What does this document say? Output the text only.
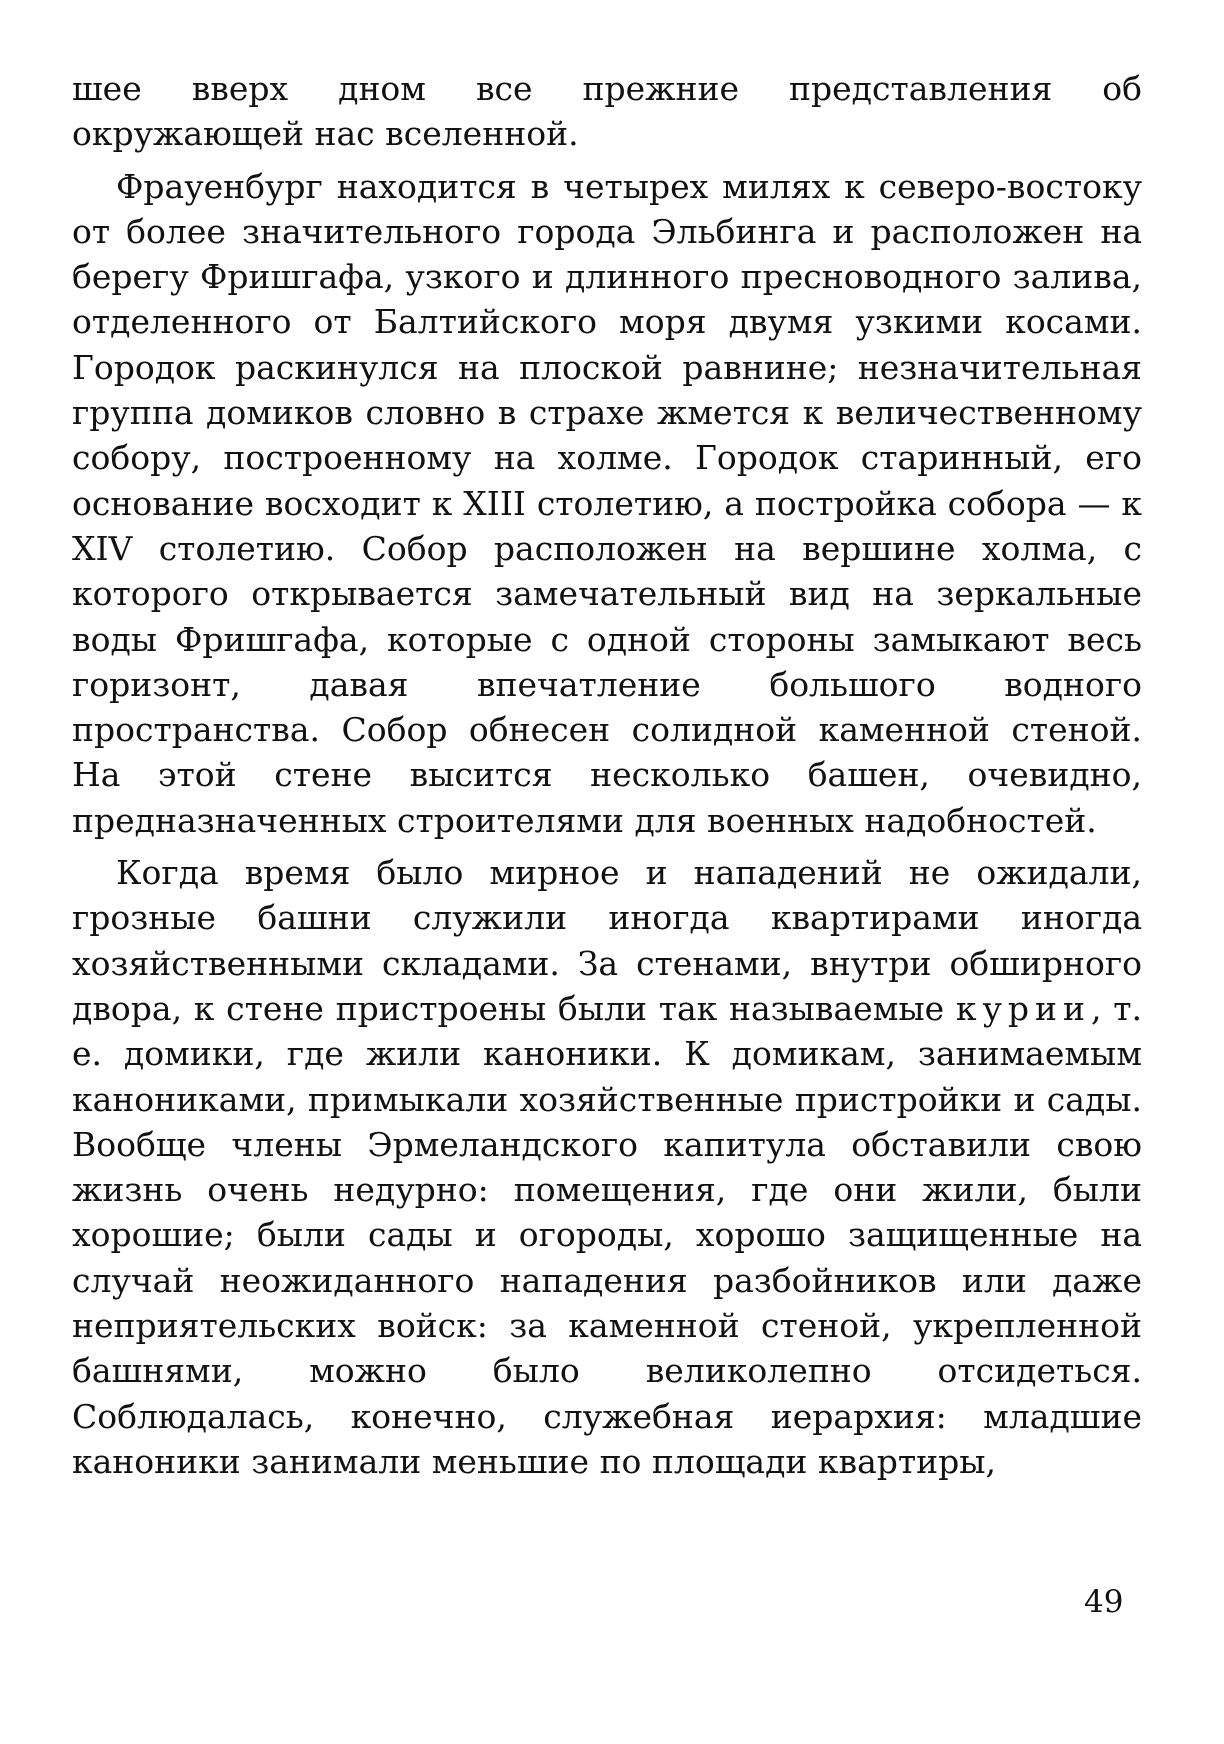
шее вверх дном все прежние представления об окружающей нас вселенной.

Фрауенбург находится в четырех милях к северо-востоку от более значительного города Эльбинга и расположен на берегу Фришгафа, узкого и длинного пресноводного залива, отделенного от Балтийского моря двумя узкими косами. Городок раскинулся на плоской равнине; незначительная группа домиков словно в страхе жмется к величественному собору, построенному на холме. Городок старинный, его основание восходит к XIII столетию, а постройка собора — к XIV столетию. Собор расположен на вершине холма, с которого открывается замечательный вид на зеркальные воды Фришгафа, которые с одной стороны замыкают весь горизонт, давая впечатление большого водного пространства. Собор обнесен солидной каменной стеной. На этой стене высится несколько башен, очевидно, предназначенных строителями для военных надобностей.

Когда время было мирное и нападений не ожидали, грозные башни служили иногда квартирами иногда хозяйственными складами. За стенами, внутри обширного двора, к стене пристроены были так называемые курии, т. е. домики, где жили каноники. К домикам, занимаемым канониками, примыкали хозяйственные пристройки и сады. Вообще члены Эрмеландского капитула обставили свою жизнь очень недурно: помещения, где они жили, были хорошие; были сады и огороды, хорошо защищенные на случай неожиданного нападения разбойников или даже неприятельских войск: за каменной стеной, укрепленной башнями, можно было великолепно отсидеться. Соблюдалась, конечно, служебная иерархия: младшие каноники занимали меньшие по площади квартиры,

49
